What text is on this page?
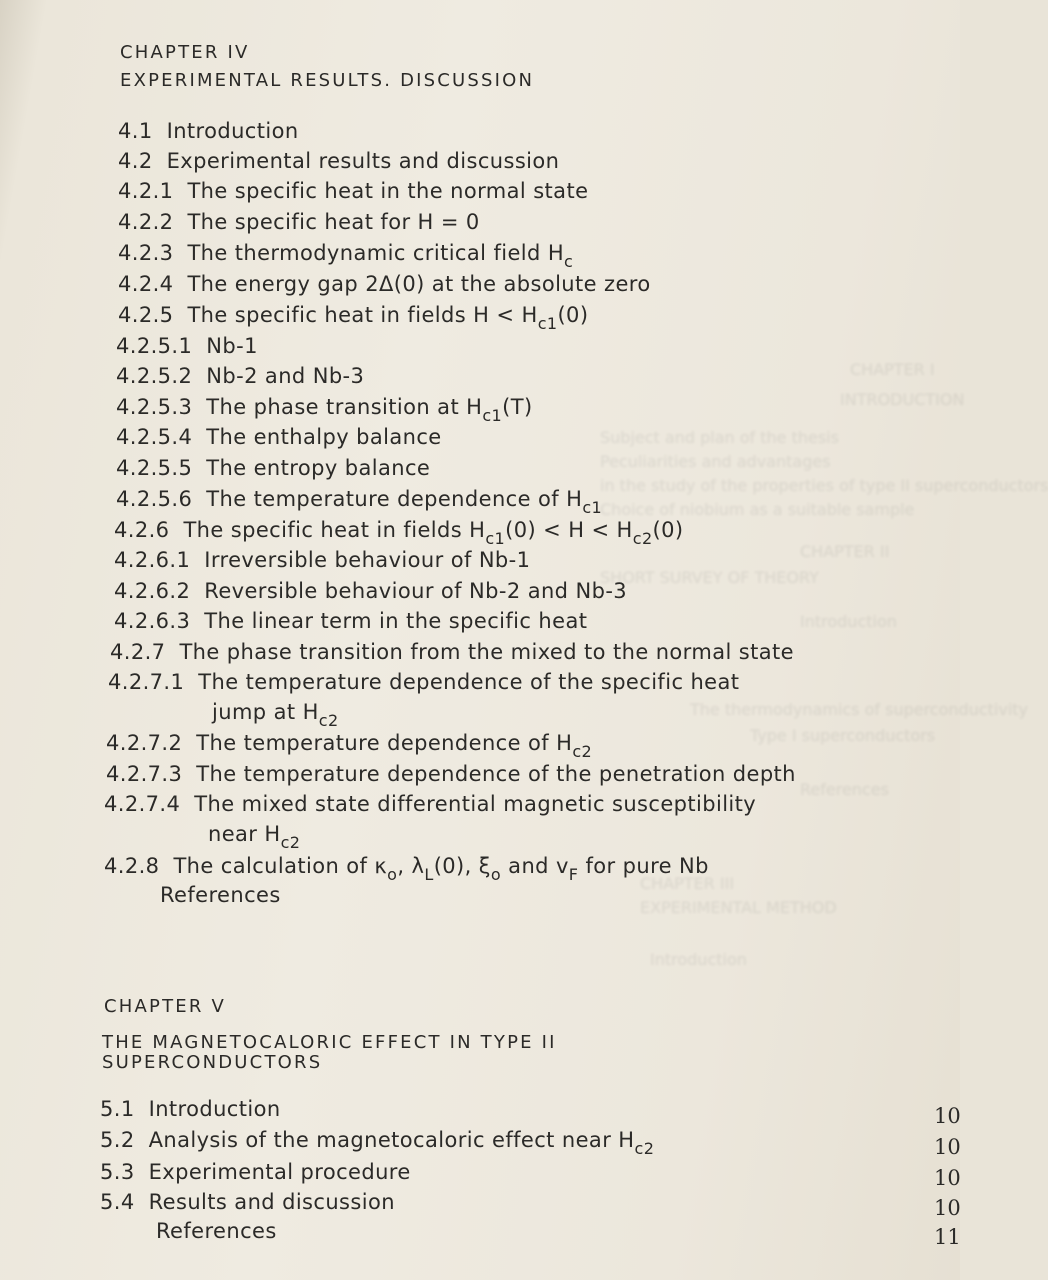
CHAPTER I
INTRODUCTION
Subject and plan of the thesis
Peculiarities and advantages
in the study of the properties of type II superconductors
Choice of niobium as a suitable sample
CHAPTER II
SHORT SURVEY OF THEORY
Introduction
The thermodynamics of superconductivity
Type I superconductors
References
CHAPTER III
EXPERIMENTAL METHOD
Introduction
CHAPTER IV
EXPERIMENTAL RESULTS. DISCUSSION
4.1 Introduction
4.2 Experimental results and discussion
4.2.1 The specific heat in the normal state
4.2.2 The specific heat for H = 0
4.2.3 The thermodynamic critical field $H_c$
4.2.4 The energy gap 2Δ(0) at the absolute zero
4.2.5 The specific heat in fields $H < H_{c1}(0)$
4.2.5.1 Nb-1
4.2.5.2 Nb-2 and Nb-3
4.2.5.3 The phase transition at $H_{c1}(T)$
4.2.5.4 The enthalpy balance
4.2.5.5 The entropy balance
4.2.5.6 The temperature dependence of $H_{c1}$
4.2.6 The specific heat in fields $H_{c1}(0) < H < H_{c2}(0)$
4.2.6.1 Irreversible behaviour of Nb-1
4.2.6.2 Reversible behaviour of Nb-2 and Nb-3
4.2.6.3 The linear term in the specific heat
4.2.7 The phase transition from the mixed to the normal state
4.2.7.1 The temperature dependence of the specific heat
jump at $H_{c2}$
4.2.7.2 The temperature dependence of $H_{c2}$
4.2.7.3 The temperature dependence of the penetration depth
4.2.7.4 The mixed state differential magnetic susceptibility
near $H_{c2}$
4.2.8 The calculation of $\kappa_o$, $\lambda_L(0)$, $\xi_o$ and $v_F$ for pure Nb
References
CHAPTER V
THE MAGNETOCALORIC EFFECT IN TYPE II
SUPERCONDUCTORS
5.1 Introduction
5.2 Analysis of the magnetocaloric effect near $H_{c2}$
5.3 Experimental procedure
5.4 Results and discussion
References
10
10
10
10
11
